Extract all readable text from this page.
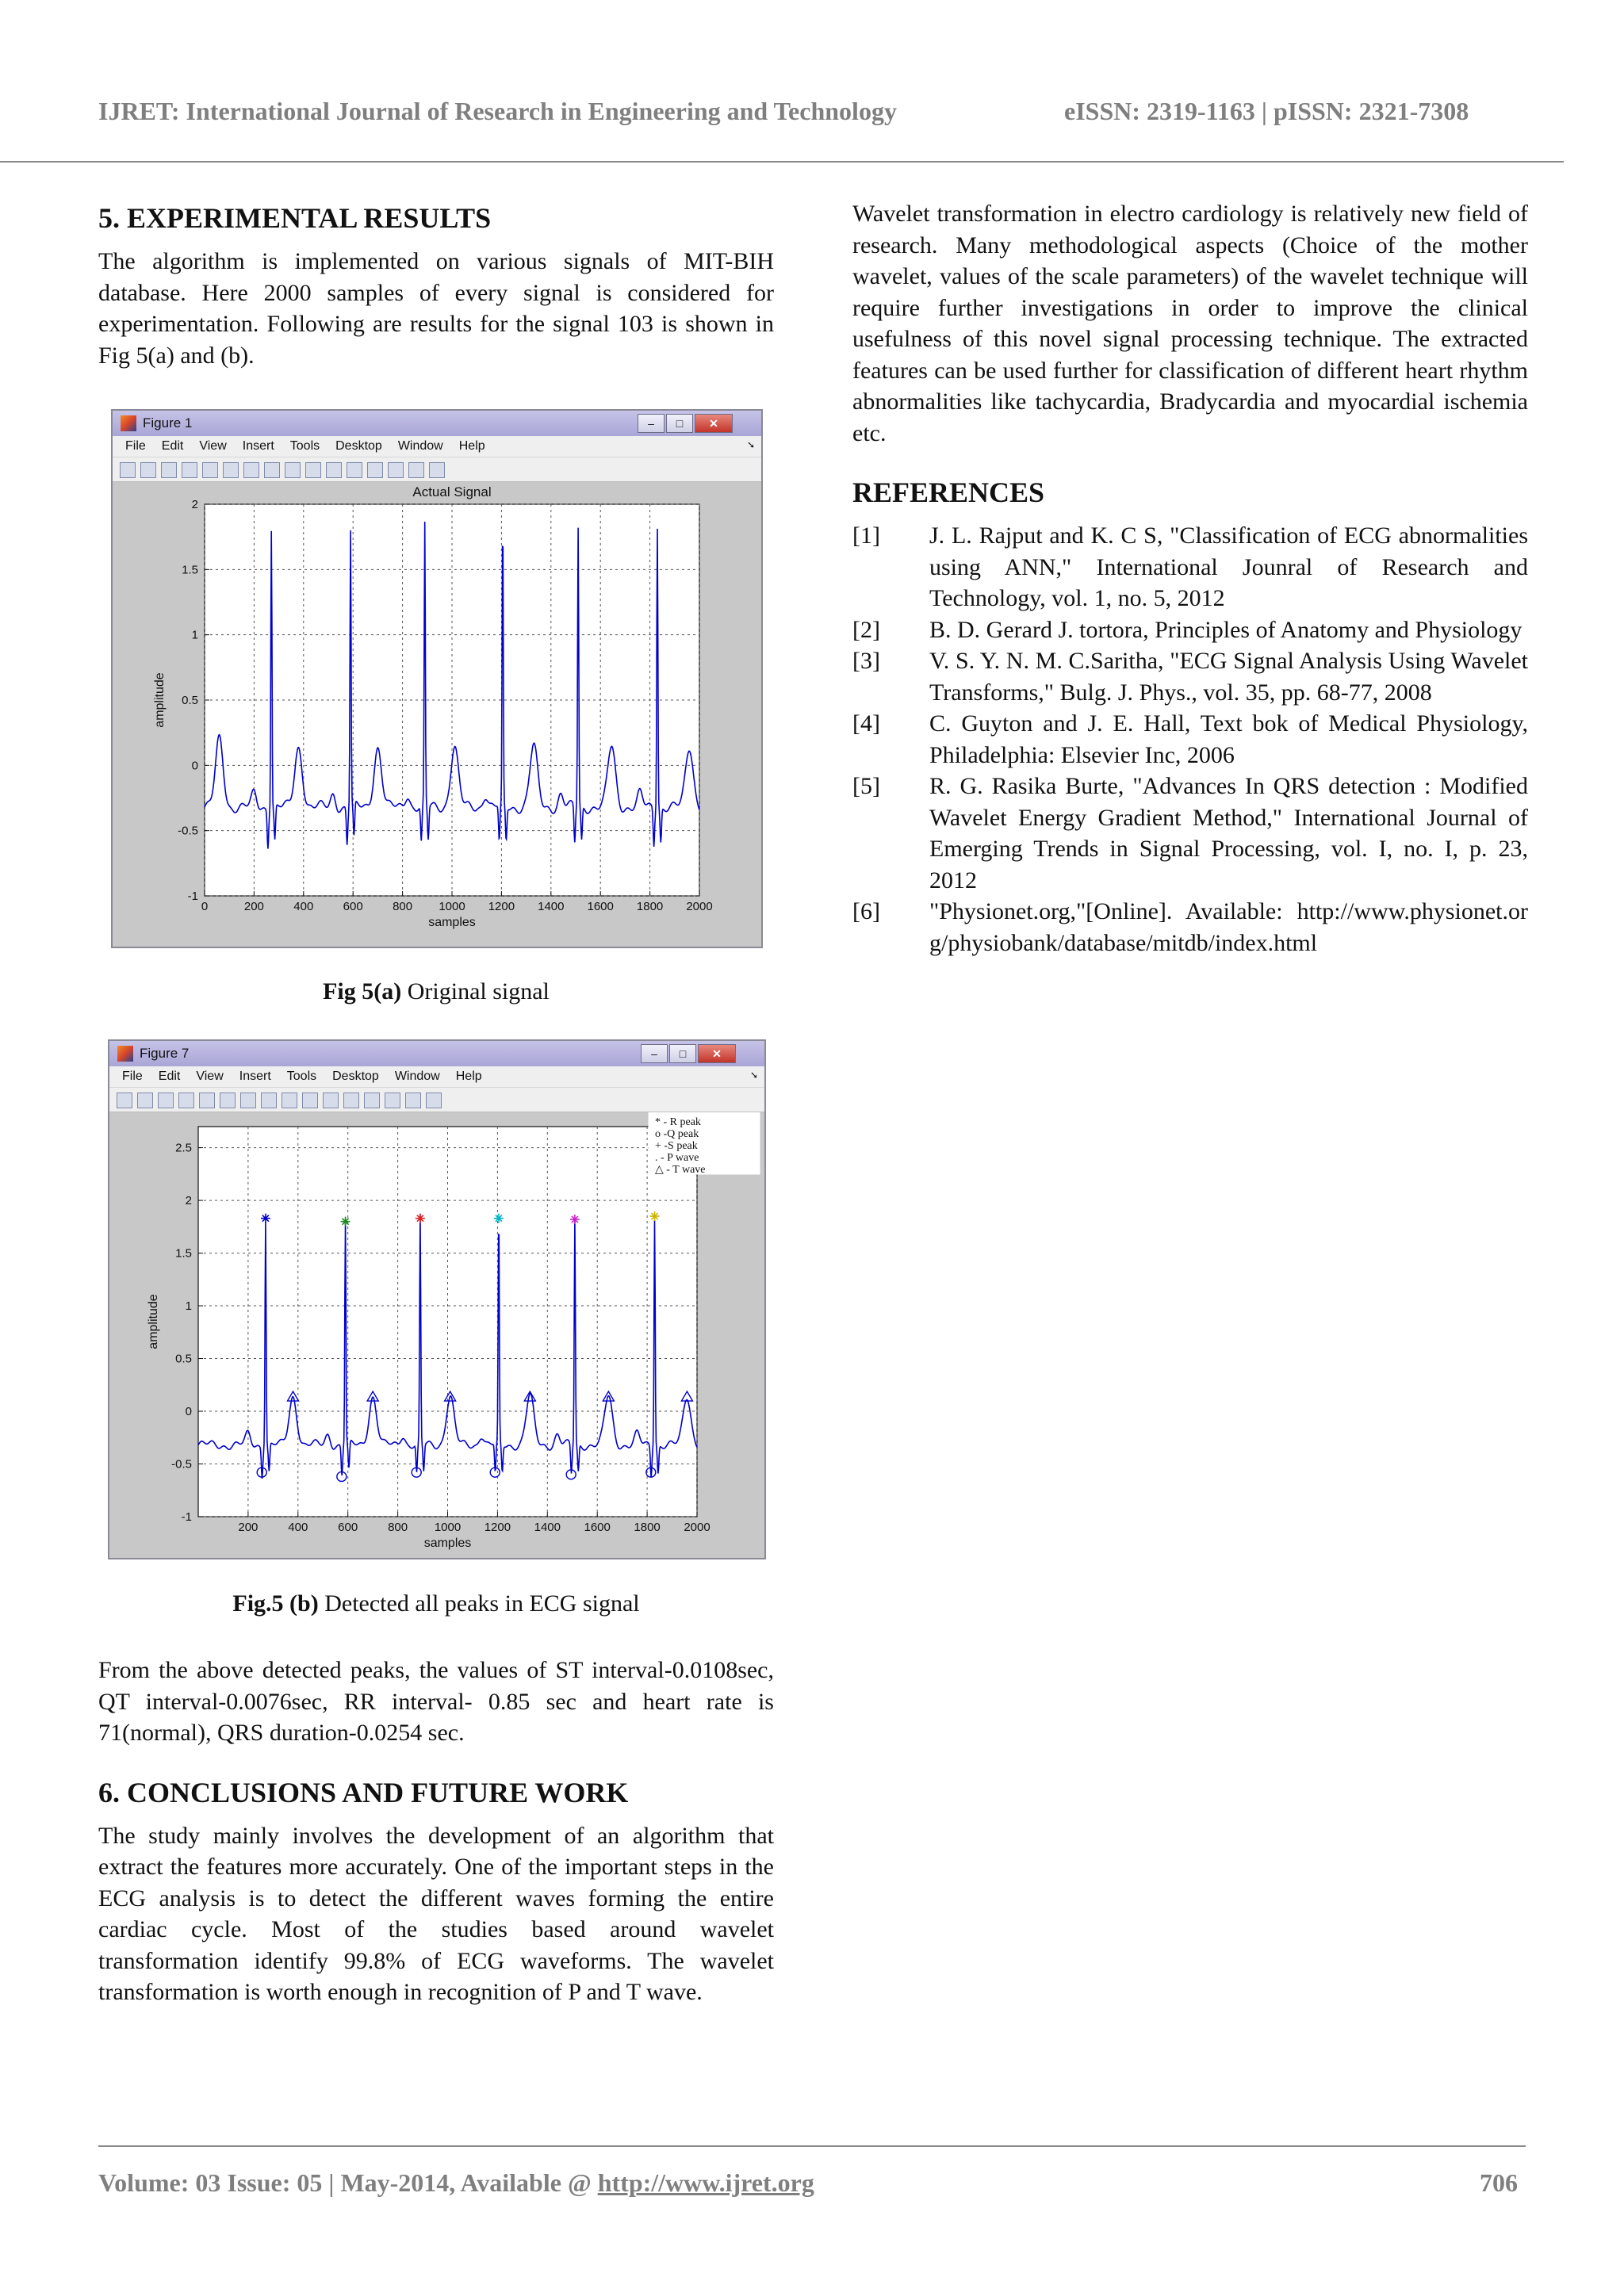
IJRET: International Journal of Research in Engineering and Technology	eISSN: 2319-1163 | pISSN: 2321-7308
5. EXPERIMENTAL RESULTS

The algorithm is implemented on various signals of MIT-BIH database. Here 2000 samples of every signal is considered for experimentation. Following are results for the signal 103 is shown in Fig 5(a) and (b).

Figure 1	–	□	✕
File Edit View Insert Tools Desktop Window Help	➘
0	200 400 600 800 1000 1200 1400 1600 1800 2000
-1
-0.5
0
0.5
1
1.5
2
Actual Signal
samples
amplitude
Fig 5(a) Original signal
Figure 7	–	□	✕
File Edit View Insert Tools Desktop Window Help	➘
200	400	600	800 1000 1200 1400 1600 1800 2000
-1
-0.5
0
0.5
1
1.5
2
2.5
samples
amplitude
* - R peak
o -Q peak
+ -S peak
. - P wave
△ - T wave
Fig.5 (b) Detected all peaks in ECG signal

From the above detected peaks, the values of ST interval-0.0108sec, QT interval-0.0076sec, RR interval- 0.85 sec and heart rate is 71(normal), QRS duration-0.0254 sec.

6. CONCLUSIONS AND FUTURE WORK

The study mainly involves the development of an algorithm that extract the features more accurately. One of the important steps in the ECG analysis is to detect the different waves forming the entire cardiac cycle. Most of the studies based around wavelet transformation identify 99.8% of ECG waveforms. The wavelet transformation is worth enough in recognition of P and T wave.

Wavelet transformation in electro cardiology is relatively new field of research. Many methodological aspects (Choice of the mother wavelet, values of the scale parameters) of the wavelet technique will require further investigations in order to improve the clinical usefulness of this novel signal processing technique. The extracted features can be used further for classification of different heart rhythm abnormalities like tachycardia, Bradycardia and myocardial ischemia etc.

REFERENCES
[1] J. L. Rajput and K. C S, "Classification of ECG abnormalities using ANN," International Jounral of Research and Technology, vol. 1, no. 5, 2012
[2] B. D. Gerard J. tortora, Principles of Anatomy and Physiology
[3] V. S. Y. N. M. C.Saritha, "ECG Signal Analysis Using Wavelet Transforms," Bulg. J. Phys., vol. 35, pp. 68-77, 2008
[4] C. Guyton and J. E. Hall, Text bok of Medical Physiology, Philadelphia: Elsevier Inc, 2006
[5] R. G. Rasika Burte, "Advances In QRS detection : Modified Wavelet Energy Gradient Method," International Journal of Emerging Trends in Signal Processing, vol. I, no. I, p. 23, 2012
[6] "Physionet.org,"[Online]. Available: http://www.physionet.org/physiobank/database/mitdb/index.html
Volume: 03 Issue: 05 | May-2014, Available @ http://www.ijret.org	706
